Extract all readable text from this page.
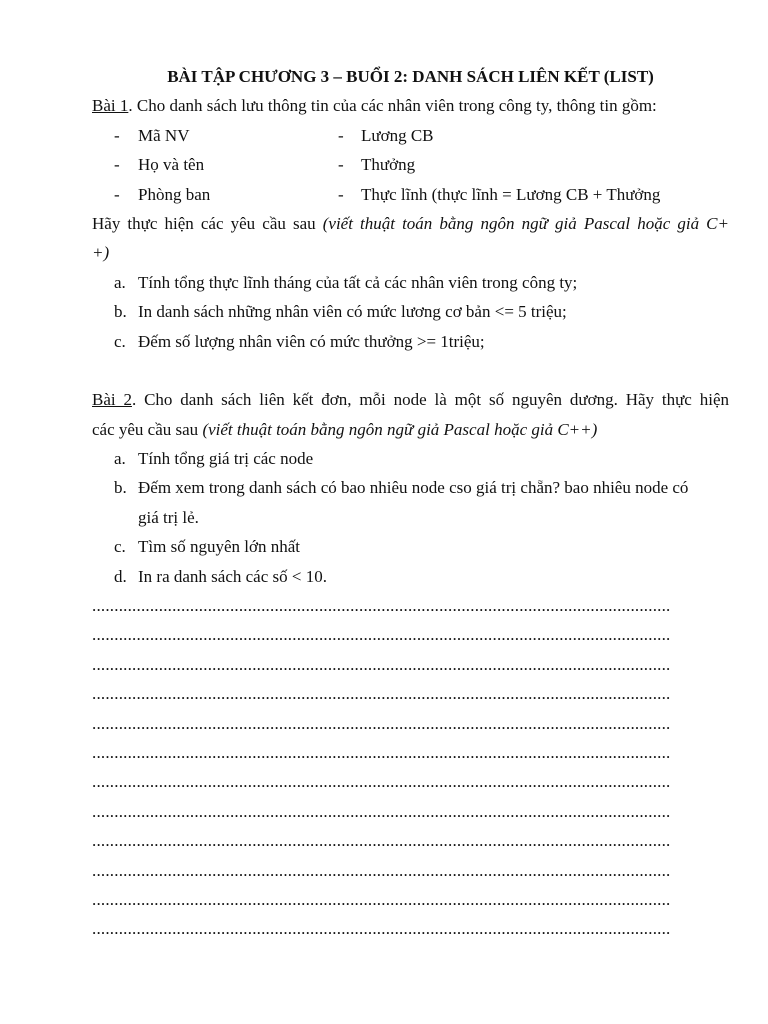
BÀI TẬP CHƯƠNG 3 – BUỔI 2: DANH SÁCH LIÊN KẾT (LIST)
Bài 1. Cho danh sách lưu thông tin của các nhân viên trong công ty, thông tin gồm:
- Mã NV	- Lương CB
- Họ và tên	- Thưởng
- Phòng ban	- Thực lĩnh (thực lĩnh = Lương CB + Thưởng
Hãy thực hiện các yêu cầu sau (viết thuật toán bằng ngôn ngữ giả Pascal hoặc giả C+
+)
a. Tính tổng thực lĩnh tháng của tất cả các nhân viên trong công ty;
b. In danh sách những nhân viên có mức lương cơ bản <= 5 triệu;
c. Đếm số lượng nhân viên có mức thưởng >= 1triệu;
Bài 2. Cho danh sách liên kết đơn, mỗi node là một số nguyên dương. Hãy thực hiện
các yêu cầu sau (viết thuật toán bằng ngôn ngữ giả Pascal hoặc giả C++)
a. Tính tổng giá trị các node
b. Đếm xem trong danh sách có bao nhiêu node cso giá trị chẵn? bao nhiêu node có
giá trị lẻ.
c. Tìm số nguyên lớn nhất
d. In ra danh sách các số < 10.
..................................................................................................................................
..................................................................................................................................
..................................................................................................................................
..................................................................................................................................
..................................................................................................................................
..................................................................................................................................
..................................................................................................................................
..................................................................................................................................
..................................................................................................................................
..................................................................................................................................
..................................................................................................................................
..................................................................................................................................
